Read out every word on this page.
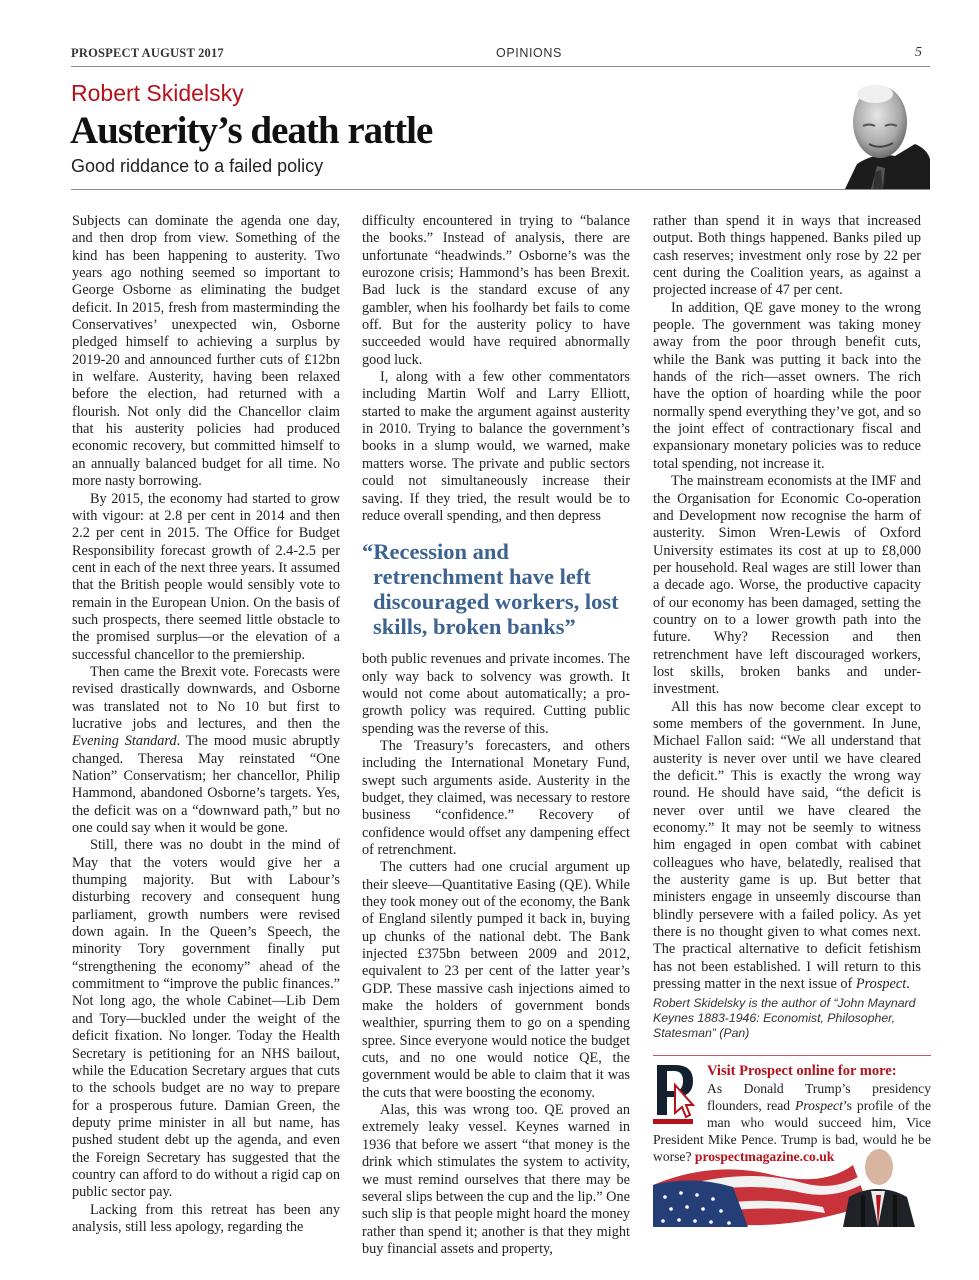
PROSPECT AUGUST 2017	OPINIONS	5
Robert Skidelsky
Austerity’s death rattle
Good riddance to a failed policy

Subjects can dominate the agenda one day, and then drop from view. Something of the kind has been happening to austerity. Two years ago nothing seemed so important to George Osborne as eliminating the budget deficit. In 2015, fresh from masterminding the Conservatives’ unexpected win, Osborne pledged himself to achieving a surplus by 2019-20 and announced further cuts of £12bn in welfare. Austerity, having been relaxed before the election, had returned with a flourish. Not only did the Chancellor claim that his austerity policies had produced economic recovery, but committed himself to an annually balanced budget for all time. No more nasty borrowing.

By 2015, the economy had started to grow with vigour: at 2.8 per cent in 2014 and then 2.2 per cent in 2015. The Office for Budget Responsibility forecast growth of 2.4-2.5 per cent in each of the next three years. It assumed that the British people would sensibly vote to remain in the European Union. On the basis of such prospects, there seemed little obstacle to the promised surplus—or the elevation of a successful chancellor to the premiership.

Then came the Brexit vote. Forecasts were revised drastically downwards, and Osborne was translated not to No 10 but first to lucrative jobs and lectures, and then the Evening Standard. The mood music abruptly changed. Theresa May reinstated “One Nation” Conservatism; her chancellor, Philip Hammond, abandoned Osborne’s targets. Yes, the deficit was on a “downward path,” but no one could say when it would be gone.

Still, there was no doubt in the mind of May that the voters would give her a thumping majority. But with Labour’s disturbing recovery and consequent hung parliament, growth numbers were revised down again. In the Queen’s Speech, the minority Tory government finally put “strengthening the economy” ahead of the commitment to “improve the public finances.” Not long ago, the whole Cabinet—Lib Dem and Tory—buckled under the weight of the deficit fixation. No longer. Today the Health Secretary is petitioning for an NHS bailout, while the Education Secretary argues that cuts to the schools budget are no way to prepare for a prosperous future. Damian Green, the deputy prime minister in all but name, has pushed student debt up the agenda, and even the Foreign Secretary has suggested that the country can afford to do without a rigid cap on public sector pay.

Lacking from this retreat has been any analysis, still less apology, regarding the

difficulty encountered in trying to “balance the books.” Instead of analysis, there are unfortunate “headwinds.” Osborne’s was the eurozone crisis; Hammond’s has been Brexit. Bad luck is the standard excuse of any gambler, when his foolhardy bet fails to come off. But for the austerity policy to have succeeded would have required abnormally good luck.

I, along with a few other commentators including Martin Wolf and Larry Elliott, started to make the argument against austerity in 2010. Trying to balance the government’s books in a slump would, we warned, make matters worse. The private and public sectors could not simultaneously increase their saving. If they tried, the result would be to reduce overall spending, and then depress

“Recession and retrenchment have left discouraged workers, lost skills, broken banks”

both public revenues and private incomes. The only way back to solvency was growth. It would not come about automatically; a pro-growth policy was required. Cutting public spending was the reverse of this.

The Treasury’s forecasters, and others including the International Monetary Fund, swept such arguments aside. Austerity in the budget, they claimed, was necessary to restore business “confidence.” Recovery of confidence would offset any dampening effect of retrenchment.

The cutters had one crucial argument up their sleeve—Quantitative Easing (QE). While they took money out of the economy, the Bank of England silently pumped it back in, buying up chunks of the national debt. The Bank injected £375bn between 2009 and 2012, equivalent to 23 per cent of the latter year’s GDP. These massive cash injections aimed to make the holders of government bonds wealthier, spurring them to go on a spending spree. Since everyone would notice the budget cuts, and no one would notice QE, the government would be able to claim that it was the cuts that were boosting the economy.

Alas, this was wrong too. QE proved an extremely leaky vessel. Keynes warned in 1936 that before we assert “that money is the drink which stimulates the system to activity, we must remind ourselves that there may be several slips between the cup and the lip.” One such slip is that people might hoard the money rather than spend it; another is that they might buy financial assets and property,

rather than spend it in ways that increased output. Both things happened. Banks piled up cash reserves; investment only rose by 22 per cent during the Coalition years, as against a projected increase of 47 per cent.

In addition, QE gave money to the wrong people. The government was taking money away from the poor through benefit cuts, while the Bank was putting it back into the hands of the rich—asset owners. The rich have the option of hoarding while the poor normally spend everything they’ve got, and so the joint effect of contractionary fiscal and expansionary monetary policies was to reduce total spending, not increase it.

The mainstream economists at the IMF and the Organisation for Economic Co-operation and Development now recognise the harm of austerity. Simon Wren-Lewis of Oxford University estimates its cost at up to £8,000 per household. Real wages are still lower than a decade ago. Worse, the productive capacity of our economy has been damaged, setting the country on to a lower growth path into the future. Why? Recession and then retrenchment have left discouraged workers, lost skills, broken banks and under-investment.

All this has now become clear except to some members of the government. In June, Michael Fallon said: “We all understand that austerity is never over until we have cleared the deficit.” This is exactly the wrong way round. He should have said, “the deficit is never over until we have cleared the economy.” It may not be seemly to witness him engaged in open combat with cabinet colleagues who have, belatedly, realised that the austerity game is up. But better that ministers engage in unseemly discourse than blindly persevere with a failed policy. As yet there is no thought given to what comes next. The practical alternative to deficit fetishism has not been established. I will return to this pressing matter in the next issue of Prospect.

Robert Skidelsky is the author of “John Maynard Keynes 1883-1946: Economist, Philosopher, Statesman” (Pan)
Visit Prospect online for more:
As Donald Trump’s presidency flounders, read Prospect’s profile of the man who would succeed him, Vice President Mike Pence. Trump is bad, would he be worse? prospectmagazine.co.uk
